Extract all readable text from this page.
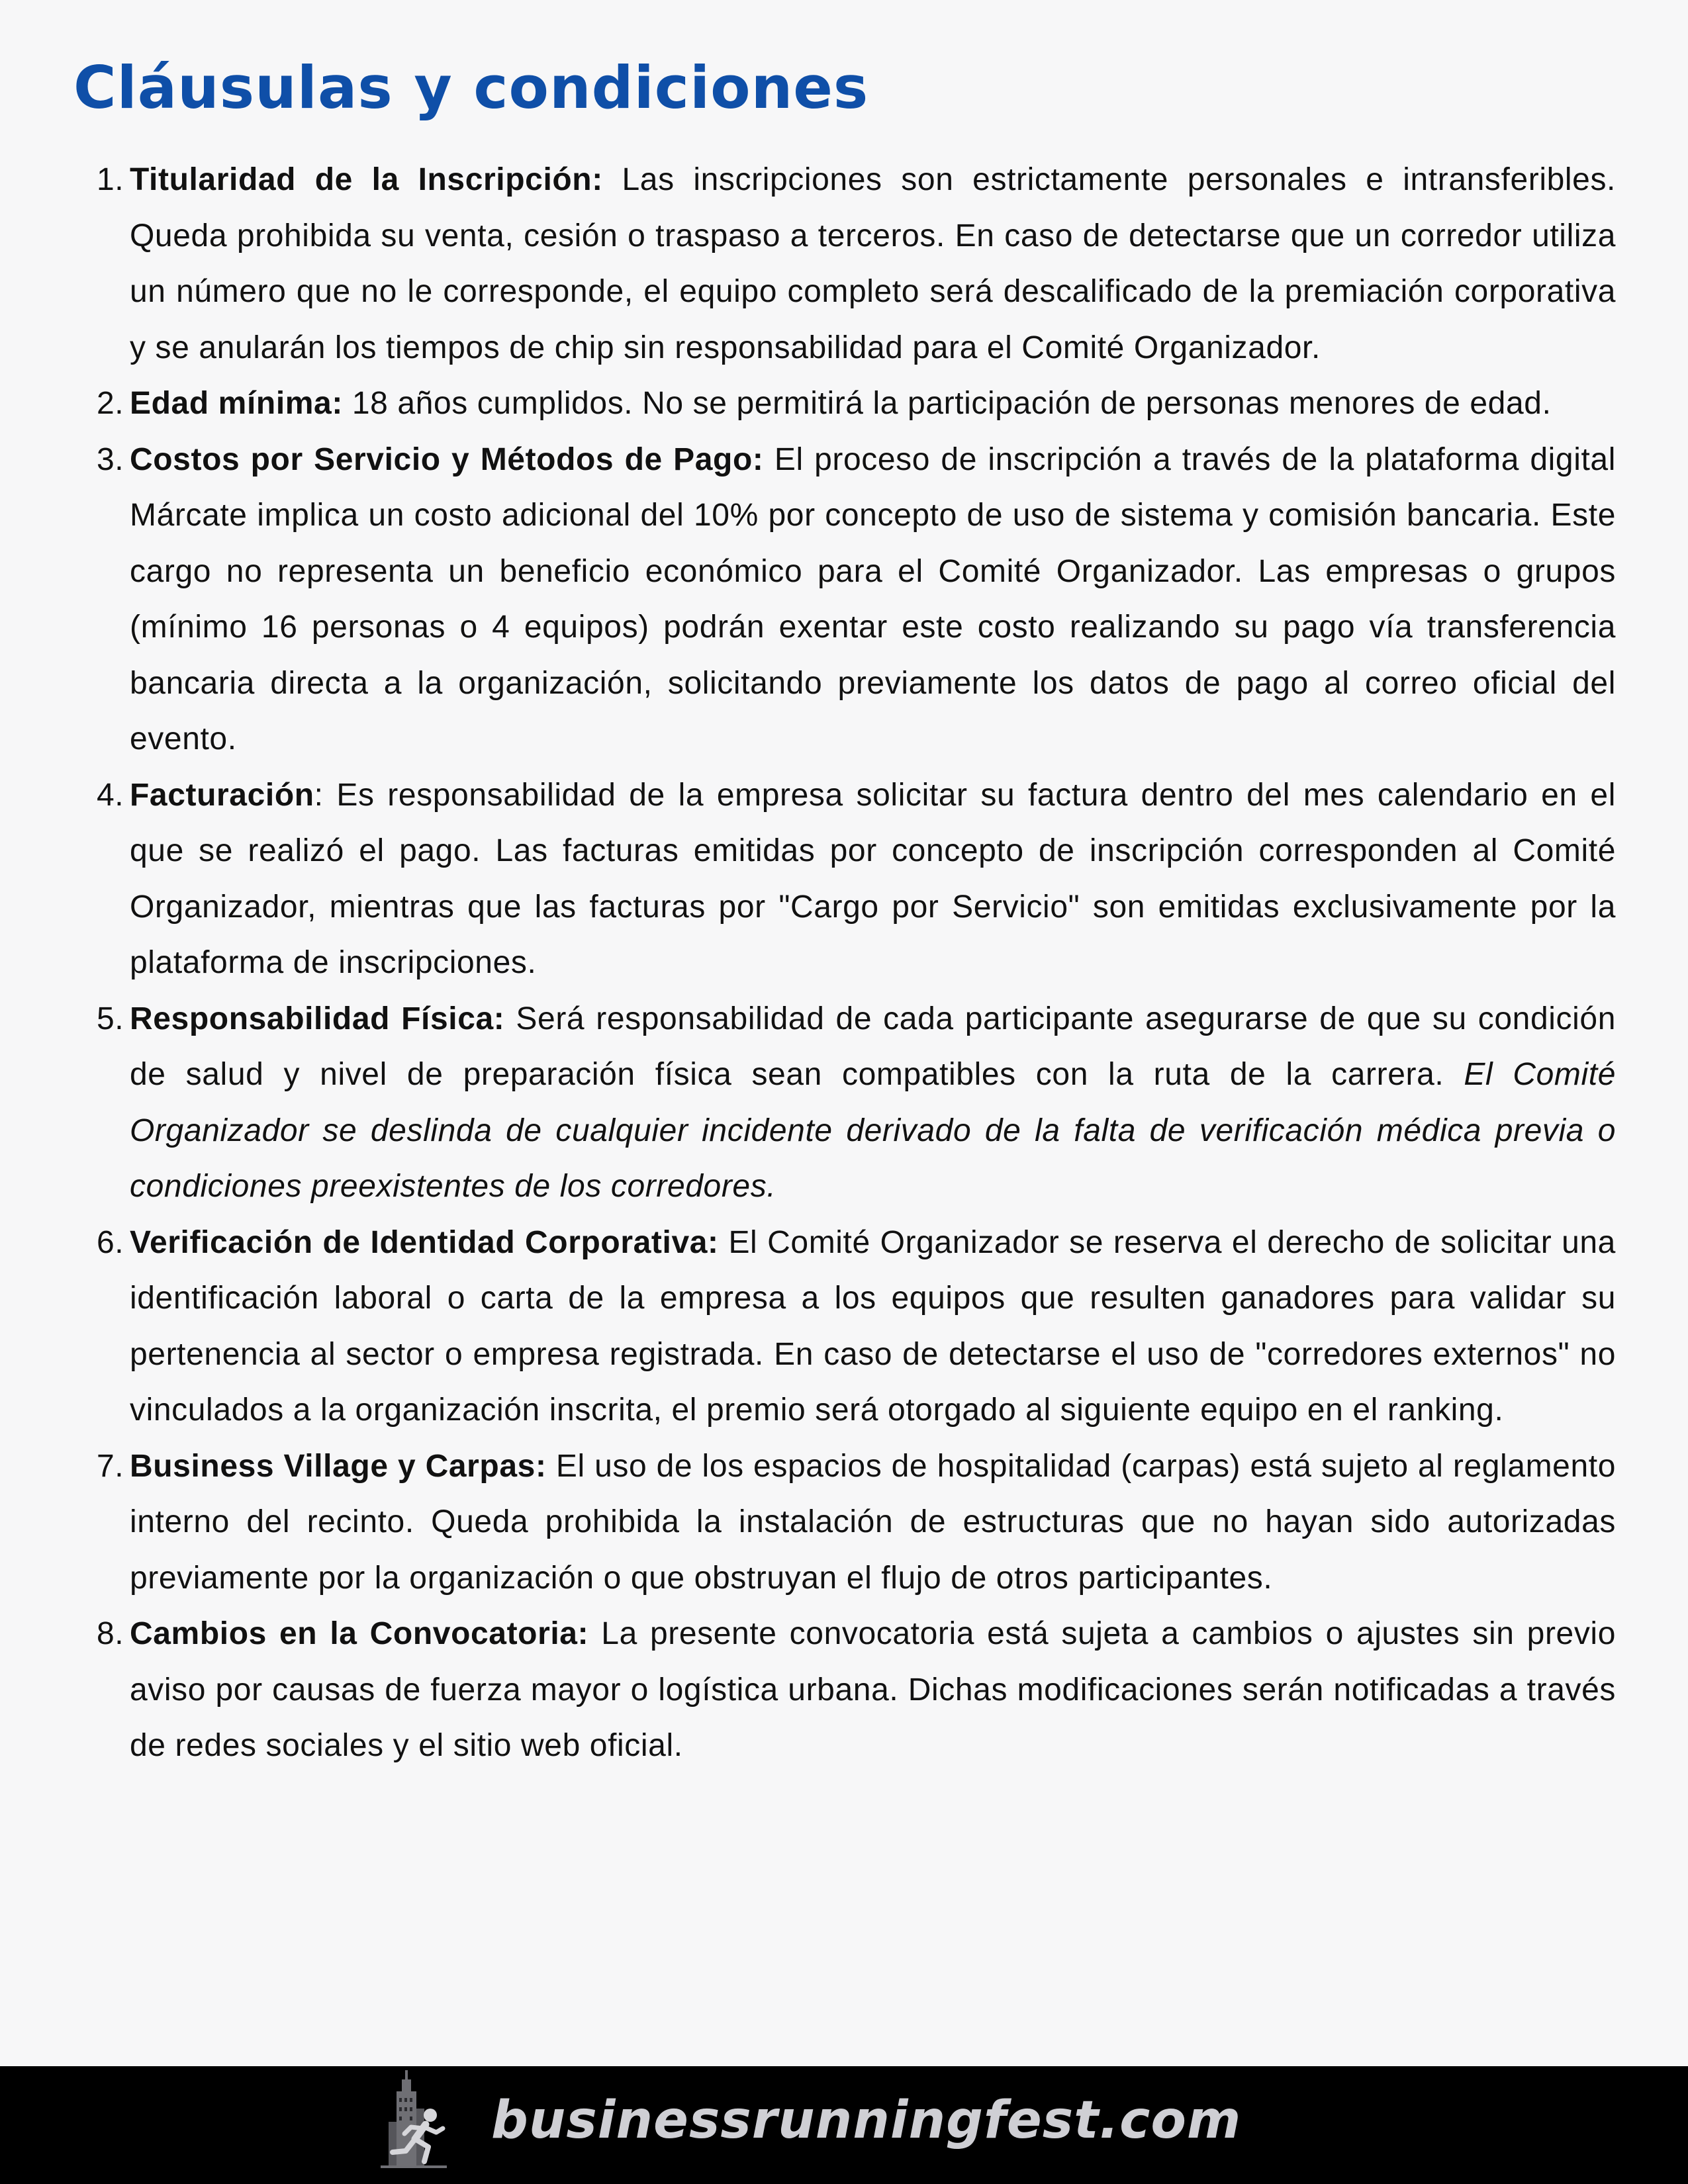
Cláusulas y condiciones
1. Titularidad de la Inscripción: Las inscripciones son estrictamente personales e intransferibles. Queda prohibida su venta, cesión o traspaso a terceros. En caso de detectarse que un corredor utiliza un número que no le corresponde, el equipo completo será descalificado de la premiación corporativa y se anularán los tiempos de chip sin responsabilidad para el Comité Organizador.
2. Edad mínima: 18 años cumplidos. No se permitirá la participación de personas menores de edad.
3. Costos por Servicio y Métodos de Pago: El proceso de inscripción a través de la plataforma digital Márcate implica un costo adicional del 10% por concepto de uso de sistema y comisión bancaria. Este cargo no representa un beneficio económico para el Comité Organizador. Las empresas o grupos (mínimo 16 personas o 4 equipos) podrán exentar este costo realizando su pago vía transferencia bancaria directa a la organización, solicitando previamente los datos de pago al correo oficial del evento.
4. Facturación: Es responsabilidad de la empresa solicitar su factura dentro del mes calendario en el que se realizó el pago. Las facturas emitidas por concepto de inscripción corresponden al Comité Organizador, mientras que las facturas por "Cargo por Servicio" son emitidas exclusivamente por la plataforma de inscripciones.
5. Responsabilidad Física: Será responsabilidad de cada participante asegurarse de que su condición de salud y nivel de preparación física sean compatibles con la ruta de la carrera. El Comité Organizador se deslinda de cualquier incidente derivado de la falta de verificación médica previa o condiciones preexistentes de los corredores.
6. Verificación de Identidad Corporativa: El Comité Organizador se reserva el derecho de solicitar una identificación laboral o carta de la empresa a los equipos que resulten ganadores para validar su pertenencia al sector o empresa registrada. En caso de detectarse el uso de "corredores externos" no vinculados a la organización inscrita, el premio será otorgado al siguiente equipo en el ranking.
7. Business Village y Carpas: El uso de los espacios de hospitalidad (carpas) está sujeto al reglamento interno del recinto. Queda prohibida la instalación de estructuras que no hayan sido autorizadas previamente por la organización o que obstruyan el flujo de otros participantes.
8. Cambios en la Convocatoria: La presente convocatoria está sujeta a cambios o ajustes sin previo aviso por causas de fuerza mayor o logística urbana. Dichas modificaciones serán notificadas a través de redes sociales y el sitio web oficial.
businessrunningfest.com
